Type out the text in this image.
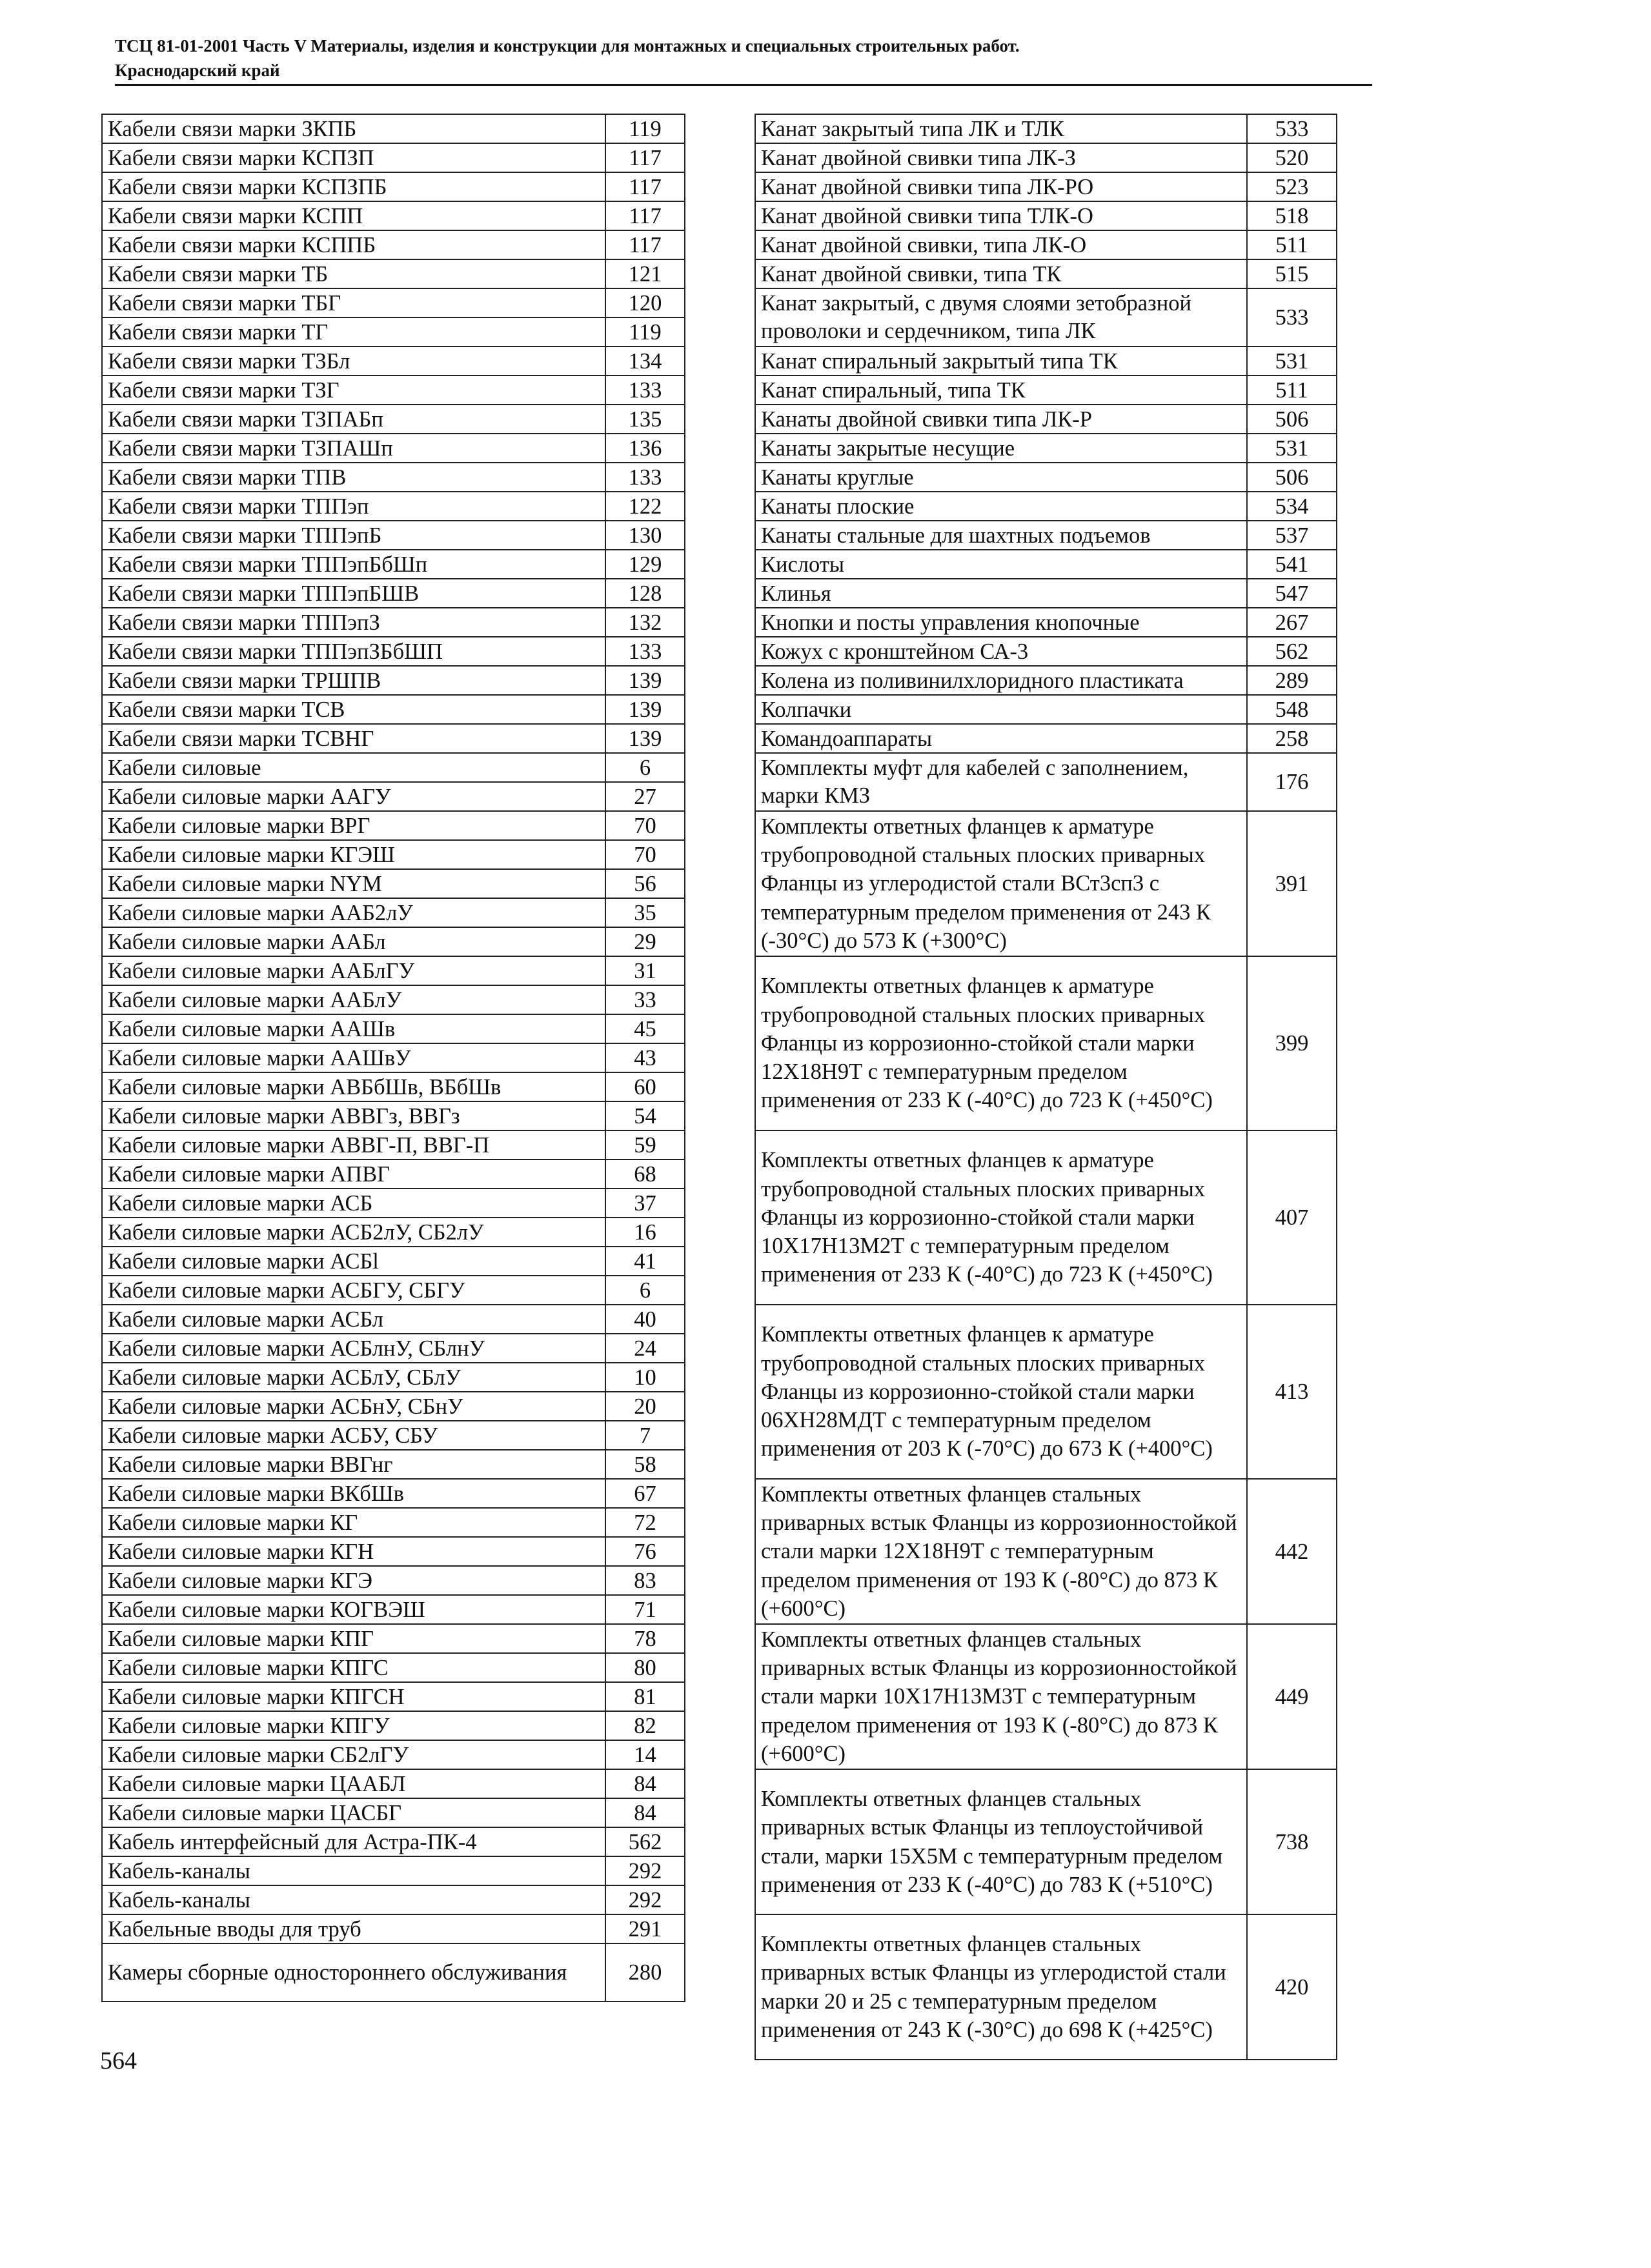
ТСЦ 81-01-2001 Часть V Материалы, изделия и конструкции для монтажных и специальных строительных работ.
Краснодарский край
Кабели связи марки ЗКПБ	119
Кабели связи марки КСПЗП	117
Кабели связи марки КСПЗПБ	117
Кабели связи марки КСПП	117
Кабели связи марки КСППБ	117
Кабели связи марки ТБ	121
Кабели связи марки ТБГ	120
Кабели связи марки ТГ	119
Кабели связи марки ТЗБл	134
Кабели связи марки ТЗГ	133
Кабели связи марки ТЗПАБп	135
Кабели связи марки ТЗПАШп	136
Кабели связи марки ТПВ	133
Кабели связи марки ТППэп	122
Кабели связи марки ТППэпБ	130
Кабели связи марки ТППэпБбШп	129
Кабели связи марки ТППэпБШВ	128
Кабели связи марки ТППэпЗ	132
Кабели связи марки ТППэпЗБбШП	133
Кабели связи марки ТРШПВ	139
Кабели связи марки ТСВ	139
Кабели связи марки ТСВНГ	139
Кабели силовые	6
Кабели силовые марки ААГУ	27
Кабели силовые марки ВРГ	70
Кабели силовые марки КГЭШ	70
Кабели силовые марки NYM	56
Кабели силовые марки ААБ2лУ	35
Кабели силовые марки ААБл	29
Кабели силовые марки ААБлГУ	31
Кабели силовые марки ААБлУ	33
Кабели силовые марки ААШв	45
Кабели силовые марки ААШвУ	43
Кабели силовые марки АВБбШв, ВБбШв	60
Кабели силовые марки АВВГз, ВВГз	54
Кабели силовые марки АВВГ-П, ВВГ-П	59
Кабели силовые марки АПВГ	68
Кабели силовые марки АСБ	37
Кабели силовые марки АСБ2лУ, СБ2лУ	16
Кабели силовые марки АСБl	41
Кабели силовые марки АСБГУ, СБГУ	6
Кабели силовые марки АСБл	40
Кабели силовые марки АСБлнУ, СБлнУ	24
Кабели силовые марки АСБлУ, СБлУ	10
Кабели силовые марки АСБнУ, СБнУ	20
Кабели силовые марки АСБУ, СБУ	7
Кабели силовые марки ВВГнг	58
Кабели силовые марки ВКбШв	67
Кабели силовые марки КГ	72
Кабели силовые марки КГН	76
Кабели силовые марки КГЭ	83
Кабели силовые марки КОГВЭШ	71
Кабели силовые марки КПГ	78
Кабели силовые марки КПГС	80
Кабели силовые марки КПГСН	81
Кабели силовые марки КПГУ	82
Кабели силовые марки СБ2лГУ	14
Кабели силовые марки ЦААБЛ	84
Кабели силовые марки ЦАСБГ	84
Кабель интерфейсный для Астра-ПК-4	562
Кабель-каналы	292
Кабель-каналы	292
Кабельные вводы для труб	291
Камеры сборные одностороннего обслуживания	280
Канат закрытый типа ЛК и ТЛК	533
Канат двойной свивки типа ЛК-З	520
Канат двойной свивки типа ЛК-РО	523
Канат двойной свивки типа ТЛК-О	518
Канат двойной свивки, типа ЛК-О	511
Канат двойной свивки, типа ТК	515
Канат закрытый, с двумя слоями зетобразной проволоки и сердечником, типа ЛК	533
Канат спиральный закрытый типа ТК	531
Канат спиральный, типа ТК	511
Канаты двойной свивки типа ЛК-Р	506
Канаты закрытые несущие	531
Канаты круглые	506
Канаты плоские	534
Канаты стальные для шахтных подъемов	537
Кислоты	541
Клинья	547
Кнопки и посты управления кнопочные	267
Кожух с кронштейном СА-3	562
Колена из поливинилхлоридного пластиката	289
Колпачки	548
Командоаппараты	258
Комплекты муфт для кабелей с заполнением, марки КМЗ	176
Комплекты ответных фланцев к арматуре трубопроводной стальных плоских приварных Фланцы из углеродистой стали ВСт3сп3 с температурным пределом применения от 243 К (-30°С) до 573 К (+300°С)	391
Комплекты ответных фланцев к арматуре трубопроводной стальных плоских приварных Фланцы из коррозионно-стойкой стали марки 12Х18Н9Т с температурным пределом применения от 233 К (-40°С) до 723 К (+450°С)	399
Комплекты ответных фланцев к арматуре трубопроводной стальных плоских приварных Фланцы из коррозионно-стойкой стали марки 10Х17Н13М2Т с температурным пределом применения от 233 К (-40°С) до 723 К (+450°С)	407
Комплекты ответных фланцев к арматуре трубопроводной стальных плоских приварных Фланцы из коррозионно-стойкой стали марки 06ХН28МДТ с температурным пределом применения от 203 К (-70°С) до 673 К (+400°С)	413
Комплекты ответных фланцев стальных приварных встык Фланцы из коррозионностойкой стали марки 12Х18Н9Т с температурным пределом применения от 193 К (-80°С) до 873 К (+600°С)	442
Комплекты ответных фланцев стальных приварных встык Фланцы из коррозионностойкой стали марки 10Х17Н13М3Т с температурным пределом применения от 193 К (-80°С) до 873 К (+600°С)	449
Комплекты ответных фланцев стальных приварных встык Фланцы из теплоустойчивой стали, марки 15Х5М с температурным пределом применения от 233 К (-40°С) до 783 К (+510°С)	738
Комплекты ответных фланцев стальных приварных встык Фланцы из углеродистой стали марки 20 и 25 с температурным пределом применения от 243 К (-30°С) до 698 К (+425°С)	420
564
